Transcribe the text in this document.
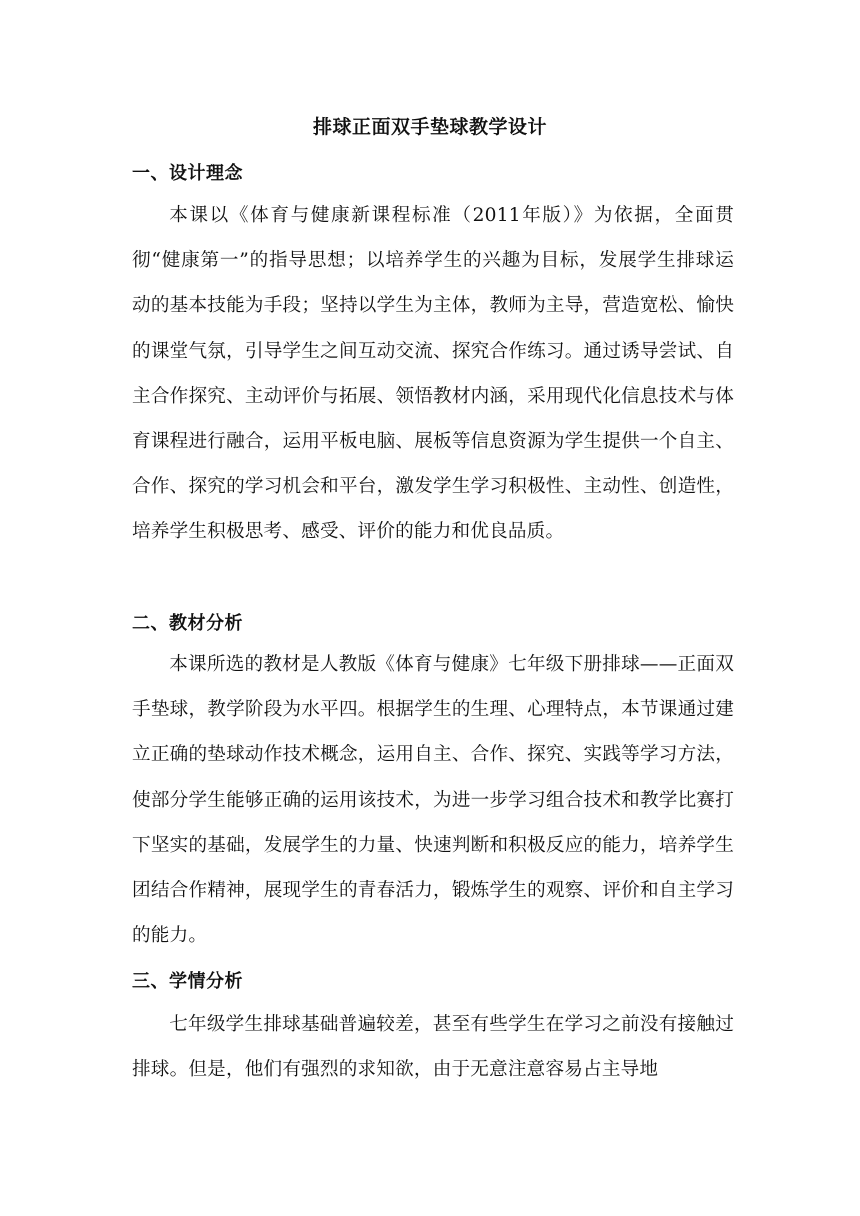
排球正面双手垫球教学设计
一、设计理念

本课以《体育与健康新课程标准（2011年版）》为依据，全面贯彻“健康第一”的指导思想；以培养学生的兴趣为目标，发展学生排球运动的基本技能为手段；坚持以学生为主体，教师为主导，营造宽松、愉快的课堂气氛，引导学生之间互动交流、探究合作练习。通过诱导尝试、自主合作探究、主动评价与拓展、领悟教材内涵，采用现代化信息技术与体育课程进行融合，运用平板电脑、展板等信息资源为学生提供一个自主、合作、探究的学习机会和平台，激发学生学习积极性、主动性、创造性，培养学生积极思考、感受、评价的能力和优良品质。

二、教材分析

本课所选的教材是人教版《体育与健康》七年级下册排球——正面双手垫球，教学阶段为水平四。根据学生的生理、心理特点，本节课通过建立正确的垫球动作技术概念，运用自主、合作、探究、实践等学习方法，使部分学生能够正确的运用该技术，为进一步学习组合技术和教学比赛打下坚实的基础，发展学生的力量、快速判断和积极反应的能力，培养学生团结合作精神，展现学生的青春活力，锻炼学生的观察、评价和自主学习的能力。

三、学情分析

七年级学生排球基础普遍较差，甚至有些学生在学习之前没有接触过排球。但是，他们有强烈的求知欲，由于无意注意容易占主导地
